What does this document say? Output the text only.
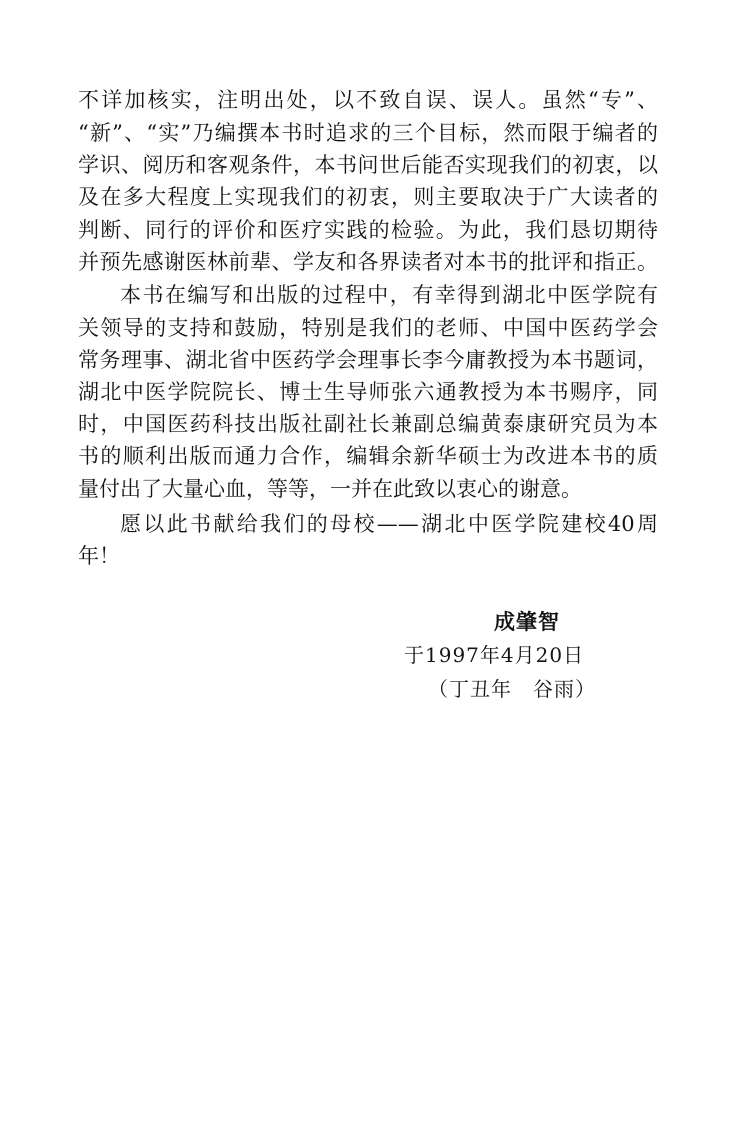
不详加核实，注明出处，以不致自误、误人。虽然“专”、
“新”、“实”乃编撰本书时追求的三个目标，然而限于编者的
学识、阅历和客观条件，本书问世后能否实现我们的初衷，以
及在多大程度上实现我们的初衷，则主要取决于广大读者的
判断、同行的评价和医疗实践的检验。为此，我们恳切期待
并预先感谢医林前辈、学友和各界读者对本书的批评和指正。
本书在编写和出版的过程中，有幸得到湖北中医学院有
关领导的支持和鼓励，特别是我们的老师、中国中医药学会
常务理事、湖北省中医药学会理事长李今庸教授为本书题词，
湖北中医学院院长、博士生导师张六通教授为本书赐序，同
时，中国医药科技出版社副社长兼副总编黄泰康研究员为本
书的顺利出版而通力合作，编辑余新华硕士为改进本书的质
量付出了大量心血，等等，一并在此致以衷心的谢意。
愿以此书献给我们的母校——湖北中医学院建校40周
年！
成肇智
于1997年4月20日
（丁丑年　谷雨）
